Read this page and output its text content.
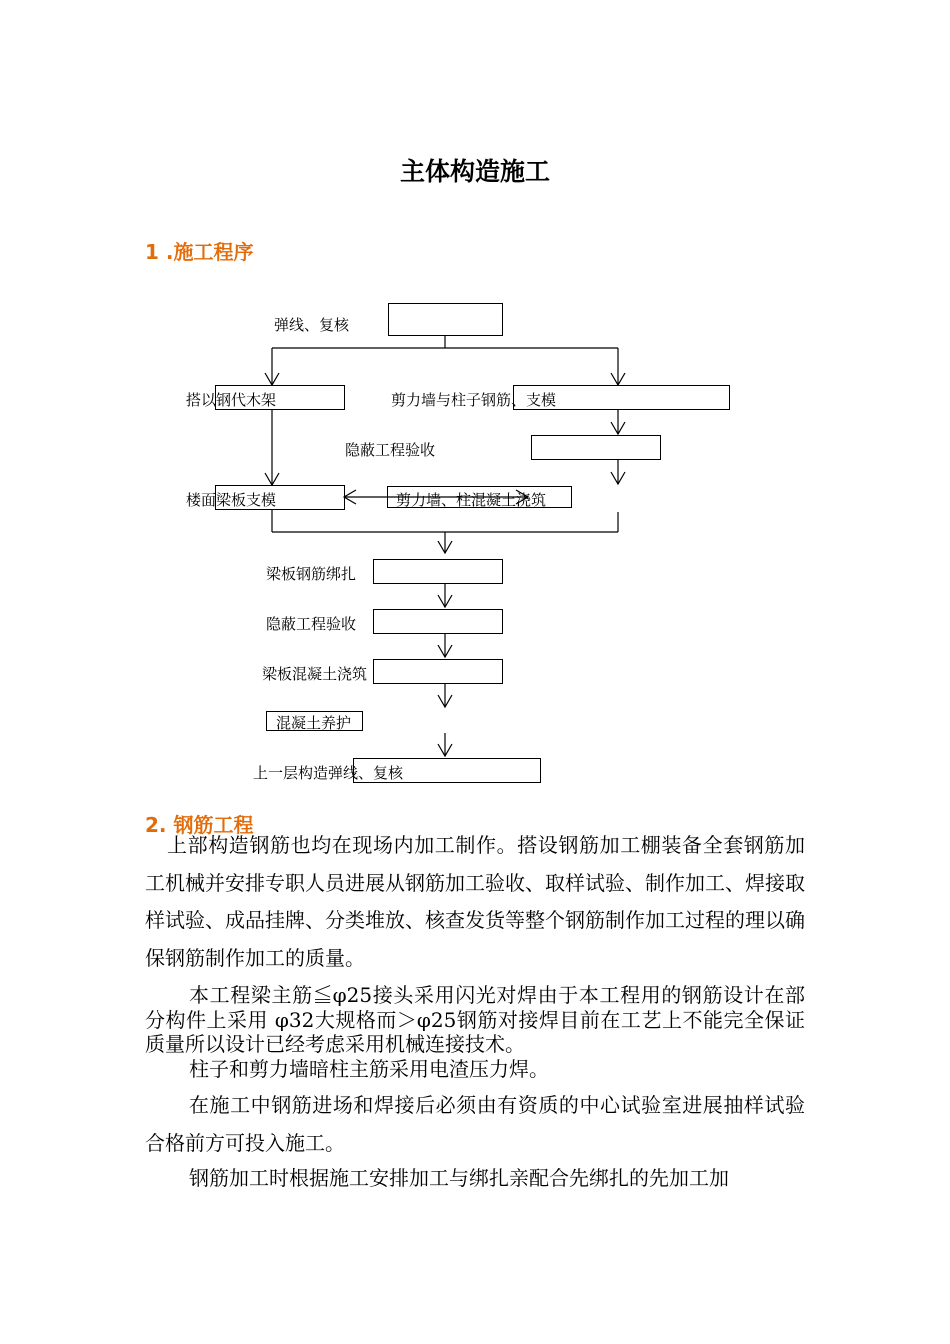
主体构造施工
1 .施工程序
弹线、复核
搭以钢代木架	剪力墙与柱子钢筋、支模
隐蔽工程验收
楼面梁板支模	剪力墙、柱混凝土浇筑
梁板钢筋绑扎
隐蔽工程验收
梁板混凝土浇筑
混凝土养护
上一层构造弹线、复核
2. 钢筋工程
上部构造钢筋也均在现场内加工制作。搭设钢筋加工棚装备全套钢筋加工机械并安排专职人员进展从钢筋加工验收、取样试验、制作加工、焊接取样试验、成品挂牌、分类堆放、核查发货等整个钢筋制作加工过程的理以确保钢筋制作加工的质量。
本工程梁主筋≦φ25接头采用闪光对焊由于本工程用的钢筋设计在部分构件上采用 φ32大规格而＞φ25钢筋对接焊目前在工艺上不能完全保证质量所以设计已经考虑采用机械连接技术。
柱子和剪力墙暗柱主筋采用电渣压力焊。
在施工中钢筋进场和焊接后必须由有资质的中心试验室进展抽样试验合格前方可投入施工。
钢筋加工时根据施工安排加工与绑扎亲配合先绑扎的先加工加
